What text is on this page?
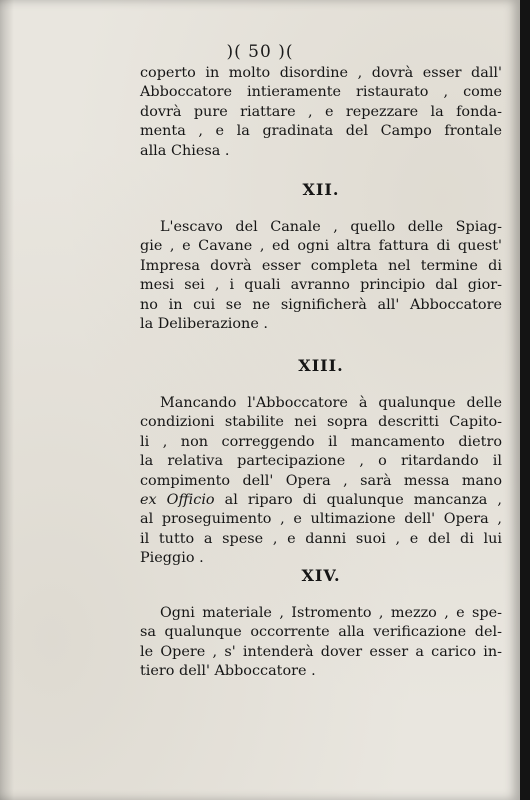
)( 50 )(
coperto in molto disordine , dovrà esser dall'
Abboccatore intieramente ristaurato , come
dovrà pure riattare , e repezzare la fonda-
menta , e la gradinata del Campo frontale
alla Chiesa .
XII.
L'escavo del Canale , quello delle Spiag-
gie , e Cavane , ed ogni altra fattura di quest'
Impresa dovrà esser completa nel termine di
mesi sei , i quali avranno principio dal gior-
no in cui se ne significherà all' Abboccatore
la Deliberazione .
XIII.
Mancando l'Abboccatore à qualunque delle
condizioni stabilite nei sopra descritti Capito-
li , non correggendo il mancamento dietro
la relativa partecipazione , o ritardando il
compimento dell' Opera , sarà messa mano
ex Officio al riparo di qualunque mancanza ,
al proseguimento , e ultimazione dell' Opera ,
il tutto a spese , e danni suoi , e del di lui
Pieggio .
XIV.
Ogni materiale , Istromento , mezzo , e spe-
sa qualunque occorrente alla verificazione del-
le Opere , s' intenderà dover esser a carico in-
tiero dell' Abboccatore .
